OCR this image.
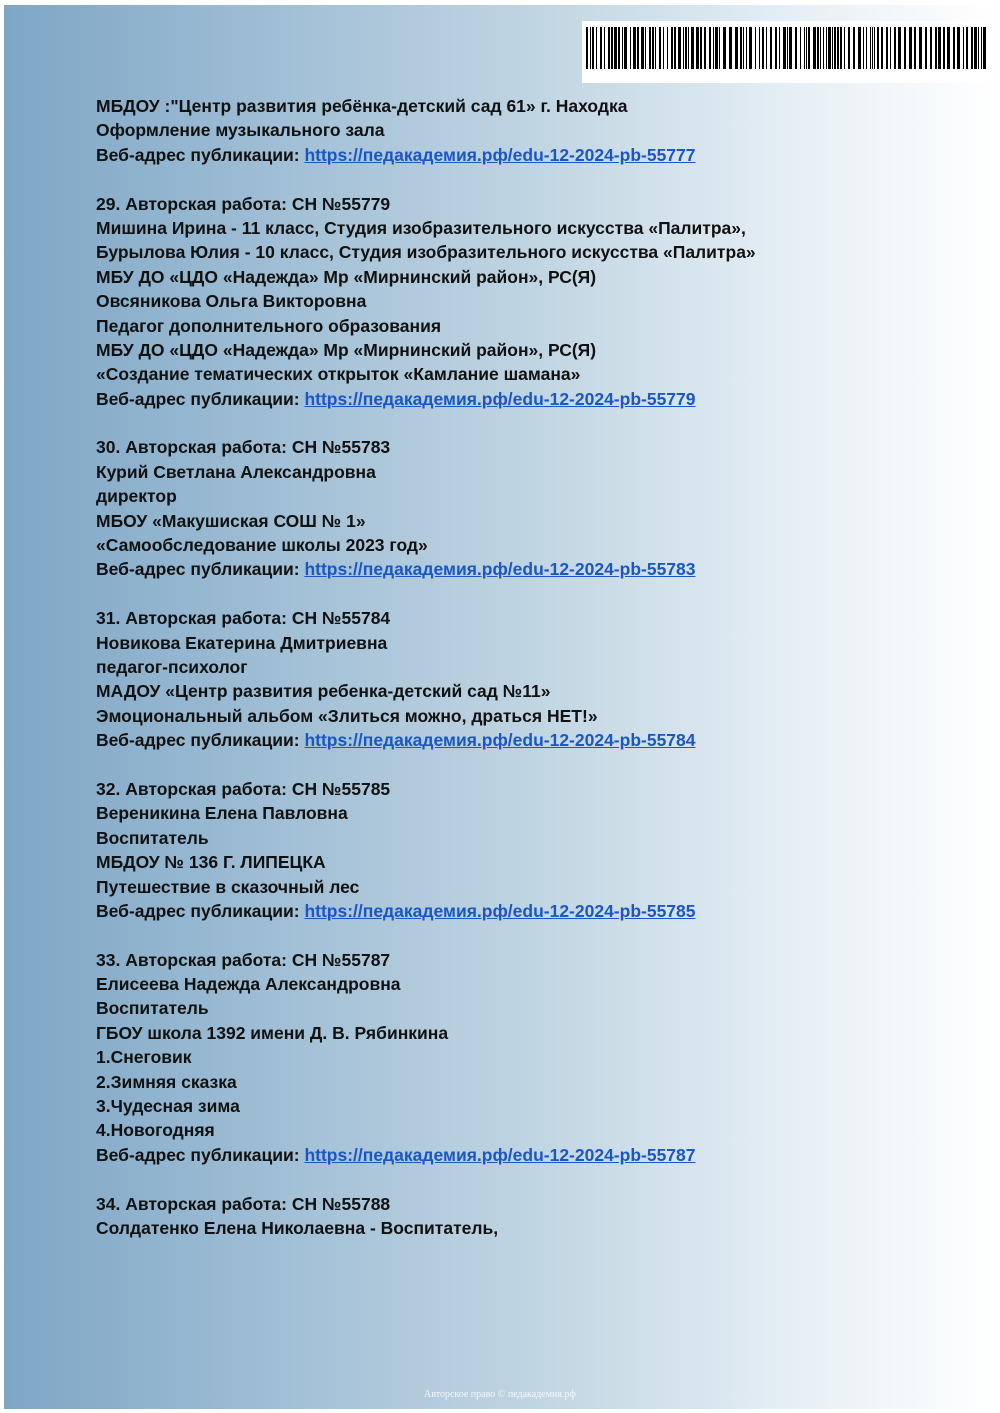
МБДОУ :"Центр развития ребёнка-детский сад 61» г. Находка
Оформление музыкального зала
Веб-адрес публикации: https://педакадемия.рф/edu-12-2024-pb-55777
29. Авторская работа: СН №55779
Мишина Ирина - 11 класс, Студия изобразительного искусства «Палитра»,
Бурылова Юлия - 10 класс, Студия изобразительного искусства «Палитра»
МБУ ДО «ЦДО «Надежда» Мр «Мирнинский район», РС(Я)
Овсяникова Ольга Викторовна
Педагог дополнительного образования
МБУ ДО «ЦДО «Надежда» Мр «Мирнинский район», РС(Я)
«Создание тематических открыток «Камлание шамана»
Веб-адрес публикации: https://педакадемия.рф/edu-12-2024-pb-55779
30. Авторская работа: СН №55783
Курий Светлана Александровна
директор
МБОУ «Макушиская СОШ № 1»
«Самообследование школы 2023 год»
Веб-адрес публикации: https://педакадемия.рф/edu-12-2024-pb-55783
31. Авторская работа: СН №55784
Новикова Екатерина Дмитриевна
педагог-психолог
МАДОУ «Центр развития ребенка-детский сад №11»
Эмоциональный альбом «Злиться можно, драться НЕТ!»
Веб-адрес публикации: https://педакадемия.рф/edu-12-2024-pb-55784
32. Авторская работа: СН №55785
Вереникина Елена Павловна
Воспитатель
МБДОУ № 136 Г. ЛИПЕЦКА
Путешествие в сказочный лес
Веб-адрес публикации: https://педакадемия.рф/edu-12-2024-pb-55785
33. Авторская работа: СН №55787
Елисеева Надежда Александровна
Воспитатель
ГБОУ школа 1392 имени Д. В. Рябинкина
1.Снеговик
2.Зимняя сказка
3.Чудесная зима
4.Новогодняя
Веб-адрес публикации: https://педакадемия.рф/edu-12-2024-pb-55787
34. Авторская работа: СН №55788
Солдатенко Елена Николаевна - Воспитатель,
Авторское право © педакадемия.рф
